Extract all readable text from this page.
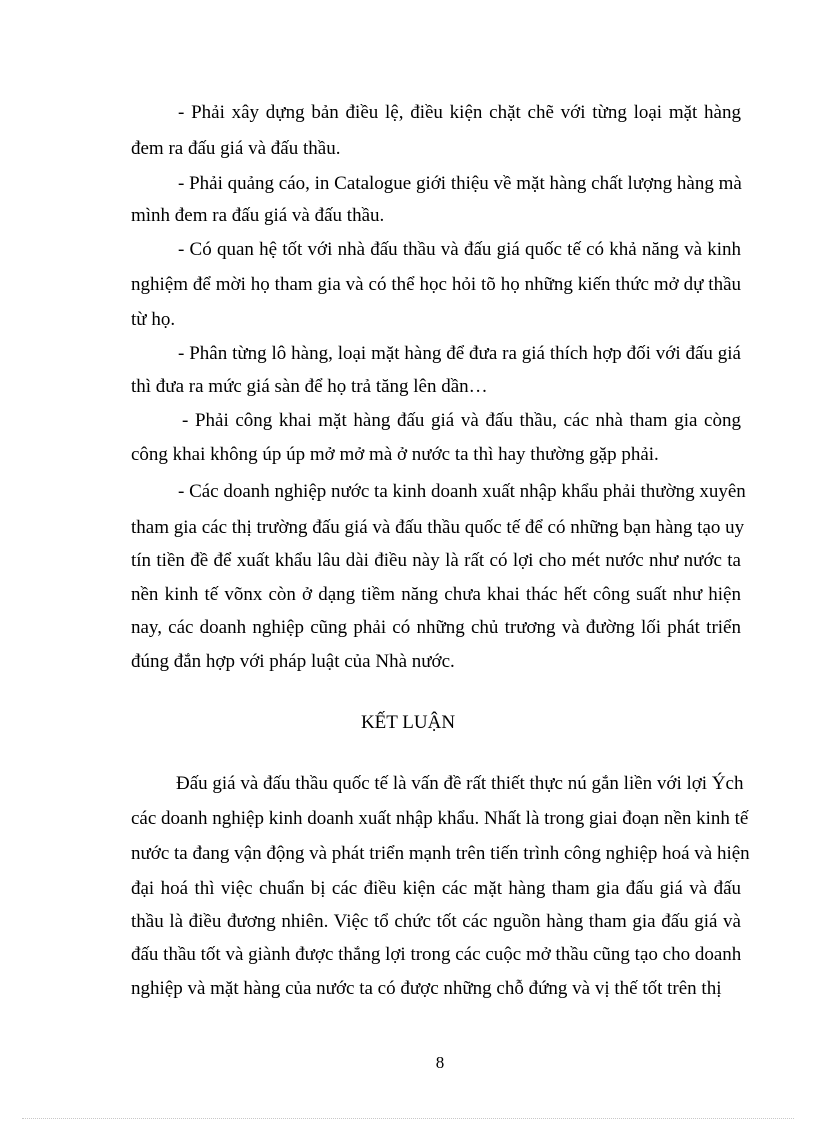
- Phải xây dựng bản điều lệ, điều kiện chặt chẽ với từng loại mặt hàng
đem ra đấu giá và đấu thầu.
- Phải quảng cáo, in Catalogue giới thiệu về mặt hàng chất lượng hàng mà
mình đem ra đấu giá và đấu thầu.
- Có quan hệ tốt với nhà đấu thầu và đấu giá quốc tế có khả năng và kinh
nghiệm để mời họ tham gia và có thể học hỏi tõ họ những kiến thức mở dự thầu
từ họ.
- Phân từng lô hàng, loại mặt hàng để đưa ra giá thích hợp đối với đấu giá
thì đưa ra mức giá sàn để họ trả tăng lên dần…
- Phải công khai mặt hàng đấu giá và đấu thầu, các nhà tham gia còng
công khai không úp úp mở mở mà ở nước ta thì hay thường gặp phải.
- Các doanh nghiệp nước ta kinh doanh xuất nhập khẩu phải thường xuyên
tham gia các thị trường đấu giá và đấu thầu quốc tế để có những bạn hàng tạo uy
tín tiền đề để xuất khẩu lâu dài điều này là rất có lợi cho mét nước như nước ta
nền kinh tế võnx còn ở dạng tiềm năng chưa khai thác hết công suất như hiện
nay, các doanh nghiệp cũng phải có những chủ trương và đường lối phát triển
đúng đắn hợp với pháp luật của Nhà nước.
KẾT LUẬN
Đấu giá và đấu thầu quốc tế là vấn đề rất thiết thực nú gắn liền với lợi Ých
các doanh nghiệp kinh doanh xuất nhập khẩu. Nhất là trong giai đoạn nền kinh tế
nước ta đang vận động và phát triển mạnh trên tiến trình công nghiệp hoá và hiện
đại hoá thì việc chuẩn bị các điều kiện các mặt hàng tham gia đấu giá và đấu
thầu là điều đương nhiên. Việc tổ chức tốt các nguồn hàng tham gia đấu giá và
đấu thầu tốt và giành được thắng lợi trong các cuộc mở thầu cũng tạo cho doanh
nghiệp và mặt hàng của nước ta có được những chỗ đứng và vị thế tốt trên thị
8
